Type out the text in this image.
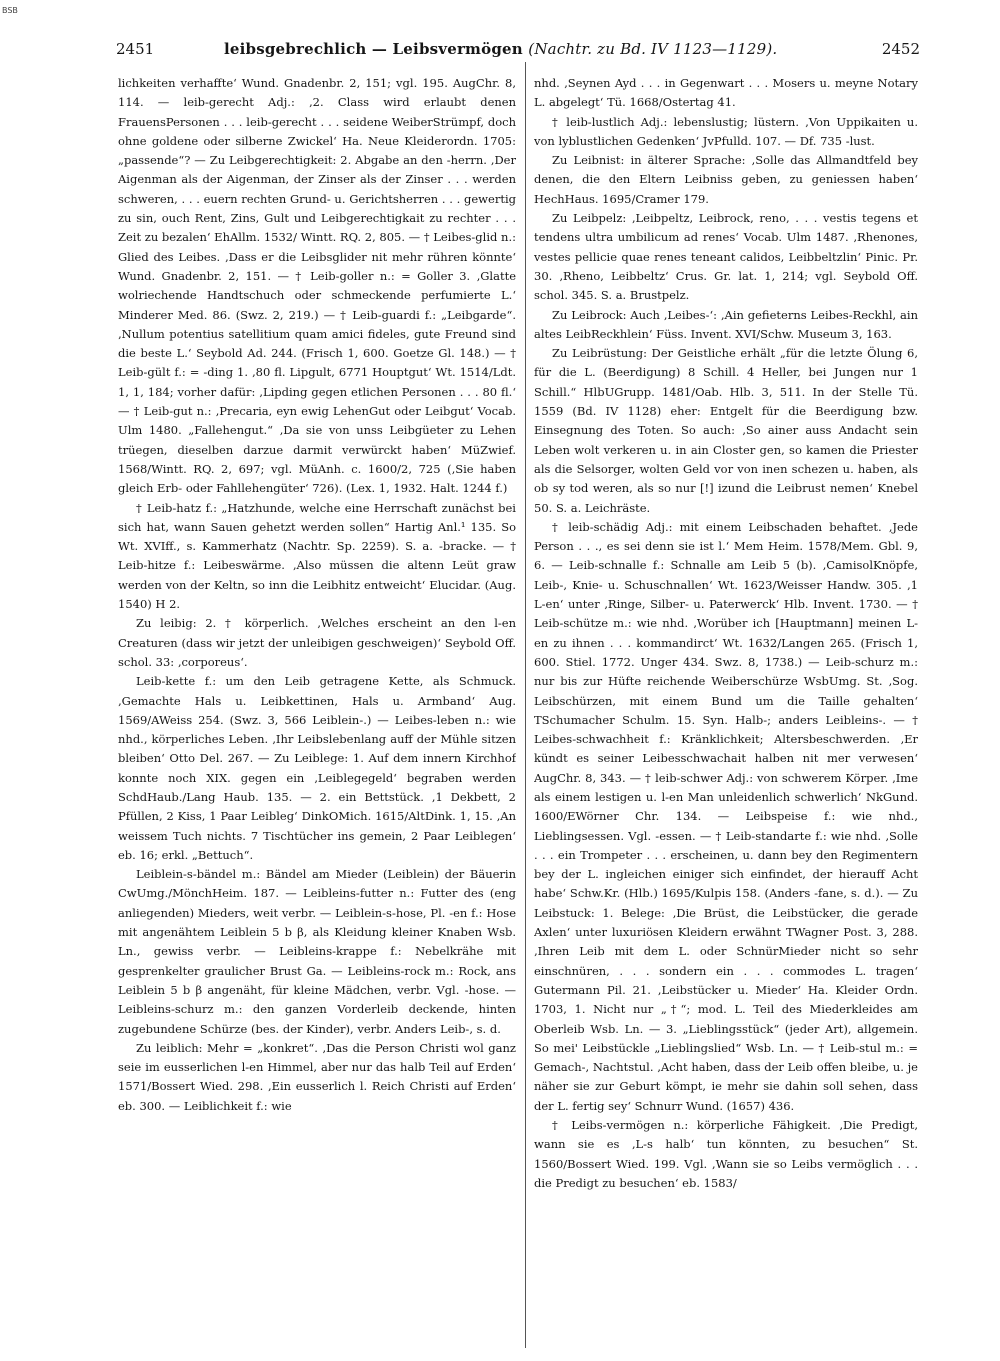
BSB
2451	leibsgebrechlich — Leibsvermögen (Nachtr. zu Bd. IV 1123—1129).	2452

lichkeiten verhaffte‘ Wund. Gnadenbr. 2, 151; vgl. 195. AugChr. 8, 114. — leib-gerecht Adj.: ‚2. Class wird erlaubt denen FrauensPersonen . . . leib-gerecht . . . seidene WeiberStrümpf, doch ohne goldene oder silberne Zwickel‘ Ha. Neue Kleiderordn. 1705: „passende“? — Zu Leibgerechtigkeit: 2. Abgabe an den -herrn. ‚Der Aigenman als der Aigenman, der Zinser als der Zinser . . . werden schweren, . . . euern rechten Grund- u. Gerichtsherren . . . gewertig zu sin, ouch Rent, Zins, Gult und Leibgerechtigkait zu rechter . . . Zeit zu bezalen‘ EhAllm. 1532/ Wintt. RQ. 2, 805. — † Leibes-glid n.: Glied des Leibes. ‚Dass er die Leibsglider nit mehr rühren könnte‘ Wund. Gnadenbr. 2, 151. — † Leib-goller n.: = Goller 3. ‚Glatte wolriechende Handtschuch oder schmeckende perfumierte L.‘ Minderer Med. 86. (Swz. 2, 219.) — † Leib-guardi f.: „Leibgarde“. ‚Nullum potentius satellitium quam amici fideles, gute Freund sind die beste L.‘ Seybold Ad. 244. (Frisch 1, 600. Goetze Gl. 148.) — † Leib-gült f.: = -ding 1. ‚80 fl. Lipgult, 6771 Houptgut‘ Wt. 1514/Ldt. 1, 1, 184; vorher dafür: ‚Lipding gegen etlichen Personen . . . 80 fl.‘ — † Leib-gut n.: ‚Precaria, eyn ewig LehenGut oder Leibgut‘ Vocab. Ulm 1480. „Fallehengut.“ ‚Da sie von unss Leibgüeter zu Lehen trüegen, dieselben darzue darmit verwürckt haben‘ MüZwief. 1568/Wintt. RQ. 2, 697; vgl. MüAnh. c. 1600/2, 725 (‚Sie haben gleich Erb- oder Fahllehengüter‘ 726). (Lex. 1, 1932. Halt. 1244 f.)

† Leib-hatz f.: „Hatzhunde, welche eine Herrschaft zunächst bei sich hat, wann Sauen gehetzt werden sollen“ Hartig Anl.¹ 135. So Wt. XVIff., s. Kammerhatz (Nachtr. Sp. 2259). S. a. -bracke. — † Leib-hitze f.: Leibeswärme. ‚Also müssen die altenn Leüt graw werden von der Keltn, so inn die Leibhitz entweicht‘ Elucidar. (Aug. 1540) H 2.

Zu leibig: 2. † körperlich. ‚Welches erscheint an den l-en Creaturen (dass wir jetzt der unleibigen geschweigen)‘ Seybold Off. schol. 33: ‚corporeus‘.

Leib-kette f.: um den Leib getragene Kette, als Schmuck. ‚Gemachte Hals u. Leibkettinen, Hals u. Armband‘ Aug. 1569/AWeiss 254. (Swz. 3, 566 Leiblein-.) — Leibes-leben n.: wie nhd., körperliches Leben. ‚Ihr Leibslebenlang auff der Mühle sitzen bleiben‘ Otto Del. 267. — Zu Leiblege: 1. Auf dem innern Kirchhof konnte noch XIX. gegen ein ‚Leiblegegeld‘ begraben werden SchdHaub./Lang Haub. 135. — 2. ein Bettstück. ‚1 Dekbett, 2 Pfüllen, 2 Kiss, 1 Paar Leibleg‘ DinkOMich. 1615/AltDink. 1, 15. ‚An weissem Tuch nichts. 7 Tischtücher ins gemein, 2 Paar Leiblegen‘ eb. 16; erkl. „Bettuch“.

Leiblein-s-bändel m.: Bändel am Mieder (Leiblein) der Bäuerin CwUmg./MönchHeim. 187. — Leibleins-futter n.: Futter des (eng anliegenden) Mieders, weit verbr. — Leiblein-s-hose, Pl. -en f.: Hose mit angenähtem Leiblein 5 b β, als Kleidung kleiner Knaben Wsb. Ln., gewiss verbr. — Leibleins-krappe f.: Nebelkrähe mit gesprenkelter graulicher Brust Ga. — Leibleins-rock m.: Rock, ans Leiblein 5 b β angenäht, für kleine Mädchen, verbr. Vgl. -hose. — Leibleins-schurz m.: den ganzen Vorderleib deckende, hinten zugebundene Schürze (bes. der Kinder), verbr. Anders Leib-, s. d.

Zu leiblich: Mehr = „konkret“. ‚Das die Person Christi wol ganz seie im eusserlichen l-en Himmel, aber nur das halb Teil auf Erden‘ 1571/Bossert Wied. 298. ‚Ein eusserlich l. Reich Christi auf Erden‘ eb. 300. — Leiblichkeit f.: wie

nhd. ‚Seynen Ayd . . . in Gegenwart . . . Mosers u. meyne Notary L. abgelegt‘ Tü. 1668/Ostertag 41.

† leib-lustlich Adj.: lebenslustig; lüstern. ‚Von Uppikaiten u. von lyblustlichen Gedenken‘ JvPfulld. 107. — Df. 735 -lust.

Zu Leibnist: in älterer Sprache: ‚Solle das Allmandtfeld bey denen, die den Eltern Leibniss geben, zu geniessen haben‘ HechHaus. 1695/Cramer 179.

Zu Leibpelz: ‚Leibpeltz, Leibrock, reno, . . . vestis tegens et tendens ultra umbilicum ad renes‘ Vocab. Ulm 1487. ‚Rhenones, vestes pellicie quae renes teneant calidos, Leibbeltzlin‘ Pinic. Pr. 30. ‚Rheno, Leibbeltz‘ Crus. Gr. lat. 1, 214; vgl. Seybold Off. schol. 345. S. a. Brustpelz.

Zu Leibrock: Auch ‚Leibes-‘: ‚Ain gefieterns Leibes-Reckhl, ain altes LeibReckhlein‘ Füss. Invent. XVI/Schw. Museum 3, 163.

Zu Leibrüstung: Der Geistliche erhält „für die letzte Ölung 6, für die L. (Beerdigung) 8 Schill. 4 Heller, bei Jungen nur 1 Schill.“ HlbUGrupp. 1481/Oab. Hlb. 3, 511. In der Stelle Tü. 1559 (Bd. IV 1128) eher: Entgelt für die Beerdigung bzw. Einsegnung des Toten. So auch: ‚So ainer auss Andacht sein Leben wolt verkeren u. in ain Closter gen, so kamen die Priester als die Selsorger, wolten Geld vor von inen schezen u. haben, als ob sy tod weren, als so nur [!] izund die Leibrust nemen‘ Knebel 50. S. a. Leichräste.

† leib-schädig Adj.: mit einem Leibschaden behaftet. ‚Jede Person . . ., es sei denn sie ist l.‘ Mem Heim. 1578/Mem. Gbl. 9, 6. — Leib-schnalle f.: Schnalle am Leib 5 (b). ‚CamisolKnöpfe, Leib-, Knie- u. Schuschnallen‘ Wt. 1623/Weisser Handw. 305. ‚1 L-en‘ unter ‚Ringe, Silber- u. Paterwerck‘ Hlb. Invent. 1730. — † Leib-schütze m.: wie nhd. ‚Worüber ich [Hauptmann] meinen L-en zu ihnen . . . kommandirct‘ Wt. 1632/Langen 265. (Frisch 1, 600. Stiel. 1772. Unger 434. Swz. 8, 1738.) — Leib-schurz m.: nur bis zur Hüfte reichende Weiberschürze WsbUmg. St. ‚Sog. Leibschürzen, mit einem Bund um die Taille gehalten‘ TSchumacher Schulm. 15. Syn. Halb-; anders Leibleins-. — † Leibes-schwachheit f.: Kränklichkeit; Altersbeschwerden. ‚Er kündt es seiner Leibesschwachait halben nit mer verwesen‘ AugChr. 8, 343. — † leib-schwer Adj.: von schwerem Körper. ‚Ime als einem lestigen u. l-en Man unleidenlich schwerlich‘ NkGund. 1600/EWörner Chr. 134. — Leibspeise f.: wie nhd., Lieblingsessen. Vgl. -essen. — † Leib-standarte f.: wie nhd. ‚Solle . . . ein Trompeter . . . erscheinen, u. dann bey den Regimentern bey der L. ingleichen einiger sich einfindet, der hierauff Acht habe‘ Schw.Kr. (Hlb.) 1695/Kulpis 158. (Anders -fane, s. d.). — Zu Leibstuck: 1. Belege: ‚Die Brüst, die Leibstücker, die gerade Axlen‘ unter luxuriösen Kleidern erwähnt TWagner Post. 3, 288. ‚Ihren Leib mit dem L. oder SchnürMieder nicht so sehr einschnüren, . . . sondern ein . . . commodes L. tragen‘ Gutermann Pil. 21. ‚Leibstücker u. Mieder‘ Ha. Kleider Ordn. 1703, 1. Nicht nur „†“; mod. L. Teil des Miederkleides am Oberleib Wsb. Ln. — 3. „Lieblingsstück“ (jeder Art), allgemein. So mei' Leibstückle „Lieblingslied“ Wsb. Ln. — † Leib-stul m.: = Gemach-, Nachtstul. ‚Acht haben, dass der Leib offen bleibe, u. je näher sie zur Geburt kömpt, ie mehr sie dahin soll sehen, dass der L. fertig sey‘ Schnurr Wund. (1657) 436.

† Leibs-vermögen n.: körperliche Fähigkeit. ‚Die Predigt, wann sie es ‚L-s halb‘ tun könnten, zu besuchen“ St. 1560/Bossert Wied. 199. Vgl. ‚Wann sie so Leibs vermöglich . . . die Predigt zu besuchen‘ eb. 1583/
